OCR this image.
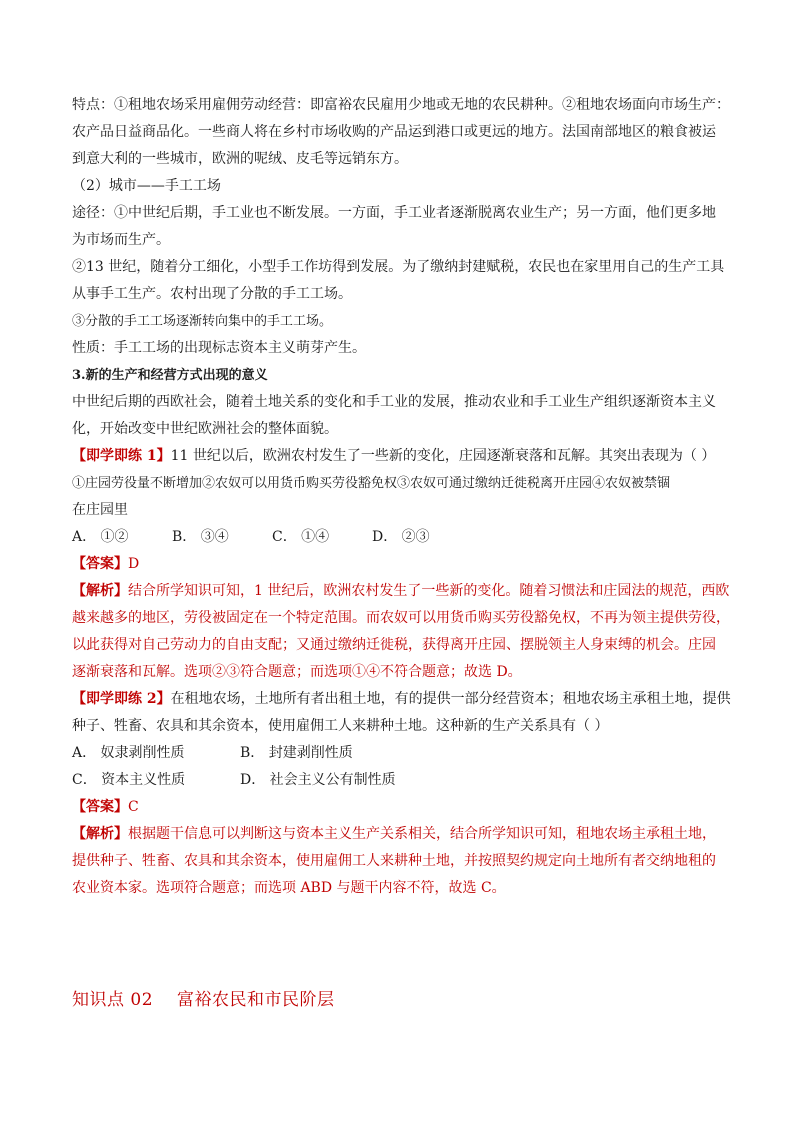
特点：①租地农场采用雇佣劳动经营：即富裕农民雇用少地或无地的农民耕种。②租地农场面向市场生产：
农产品日益商品化。一些商人将在乡村市场收购的产品运到港口或更远的地方。法国南部地区的粮食被运
到意大利的一些城市，欧洲的呢绒、皮毛等远销东方。
（2）城市——手工工场
途径：①中世纪后期，手工业也不断发展。一方面，手工业者逐渐脱离农业生产；另一方面，他们更多地
为市场而生产。
②13 世纪，随着分工细化，小型手工作坊得到发展。为了缴纳封建赋税，农民也在家里用自己的生产工具
从事手工生产。农村出现了分散的手工工场。
③分散的手工工场逐渐转向集中的手工工场。
性质：手工工场的出现标志资本主义萌芽产生。
3.新的生产和经营方式出现的意义
中世纪后期的西欧社会，随着土地关系的变化和手工业的发展，推动农业和手工业生产组织逐渐资本主义
化，开始改变中世纪欧洲社会的整体面貌。
【即学即练 1】11 世纪以后，欧洲农村发生了一些新的变化，庄园逐渐衰落和瓦解。其突出表现为（ ）
①庄园劳役量不断增加②农奴可以用货币购买劳役豁免权③农奴可通过缴纳迁徙税离开庄园④农奴被禁锢
在庄园里
A． ①②	B． ③④	C． ①④	D． ②③
【答案】D
【解析】结合所学知识可知，1 世纪后，欧洲农村发生了一些新的变化。随着习惯法和庄园法的规范，西欧
越来越多的地区，劳役被固定在一个特定范围。而农奴可以用货币购买劳役豁免权，不再为领主提供劳役，
以此获得对自己劳动力的自由支配；又通过缴纳迁徙税，获得离开庄园、摆脱领主人身束缚的机会。庄园
逐渐衰落和瓦解。选项②③符合题意；而选项①④不符合题意；故选 D。
【即学即练 2】在租地农场，土地所有者出租土地，有的提供一部分经营资本；租地农场主承租土地，提供
种子、牲畜、农具和其余资本，使用雇佣工人来耕种土地。这种新的生产关系具有（ ）
A． 奴隶剥削性质	B． 封建剥削性质
C． 资本主义性质	D． 社会主义公有制性质
【答案】C
【解析】根据题干信息可以判断这与资本主义生产关系相关，结合所学知识可知，租地农场主承租土地，
提供种子、牲畜、农具和其余资本，使用雇佣工人来耕种土地，并按照契约规定向土地所有者交纳地租的
农业资本家。选项符合题意；而选项 ABD 与题干内容不符，故选 C。
知识点 02 富裕农民和市民阶层
